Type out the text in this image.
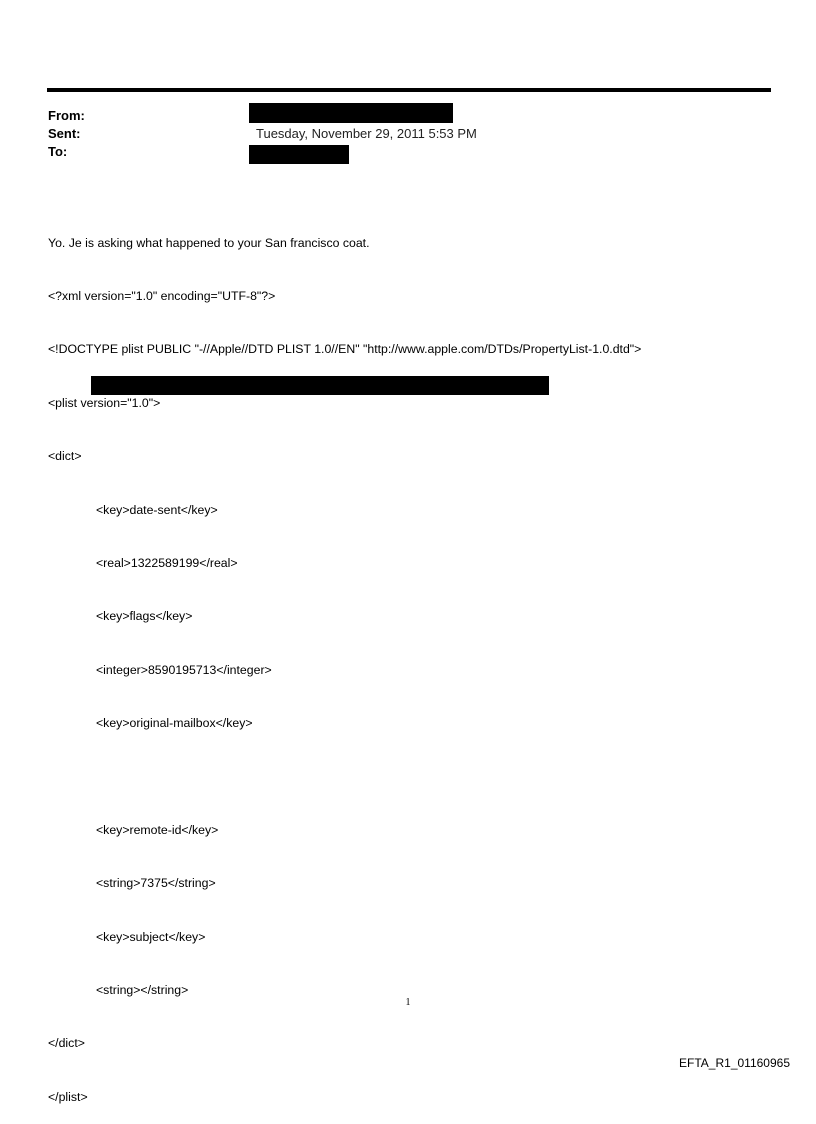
From:
Sent:	Tuesday, November 29, 2011 5:53 PM
To:

Yo. Je is asking what happened to your San francisco coat.

<?xml version="1.0" encoding="UTF-8"?>

<!DOCTYPE plist PUBLIC "-//Apple//DTD PLIST 1.0//EN" "http://www.apple.com/DTDs/PropertyList-1.0.dtd">

<plist version="1.0">

<dict>

<key>date-sent</key>

<real>1322589199</real>

<key>flags</key>

<integer>8590195713</integer>

<key>original-mailbox</key>

<key>remote-id</key>

<string>7375</string>

<key>subject</key>

<string></string>

</dict>

</plist>

1
EFTA_R1_01160965
